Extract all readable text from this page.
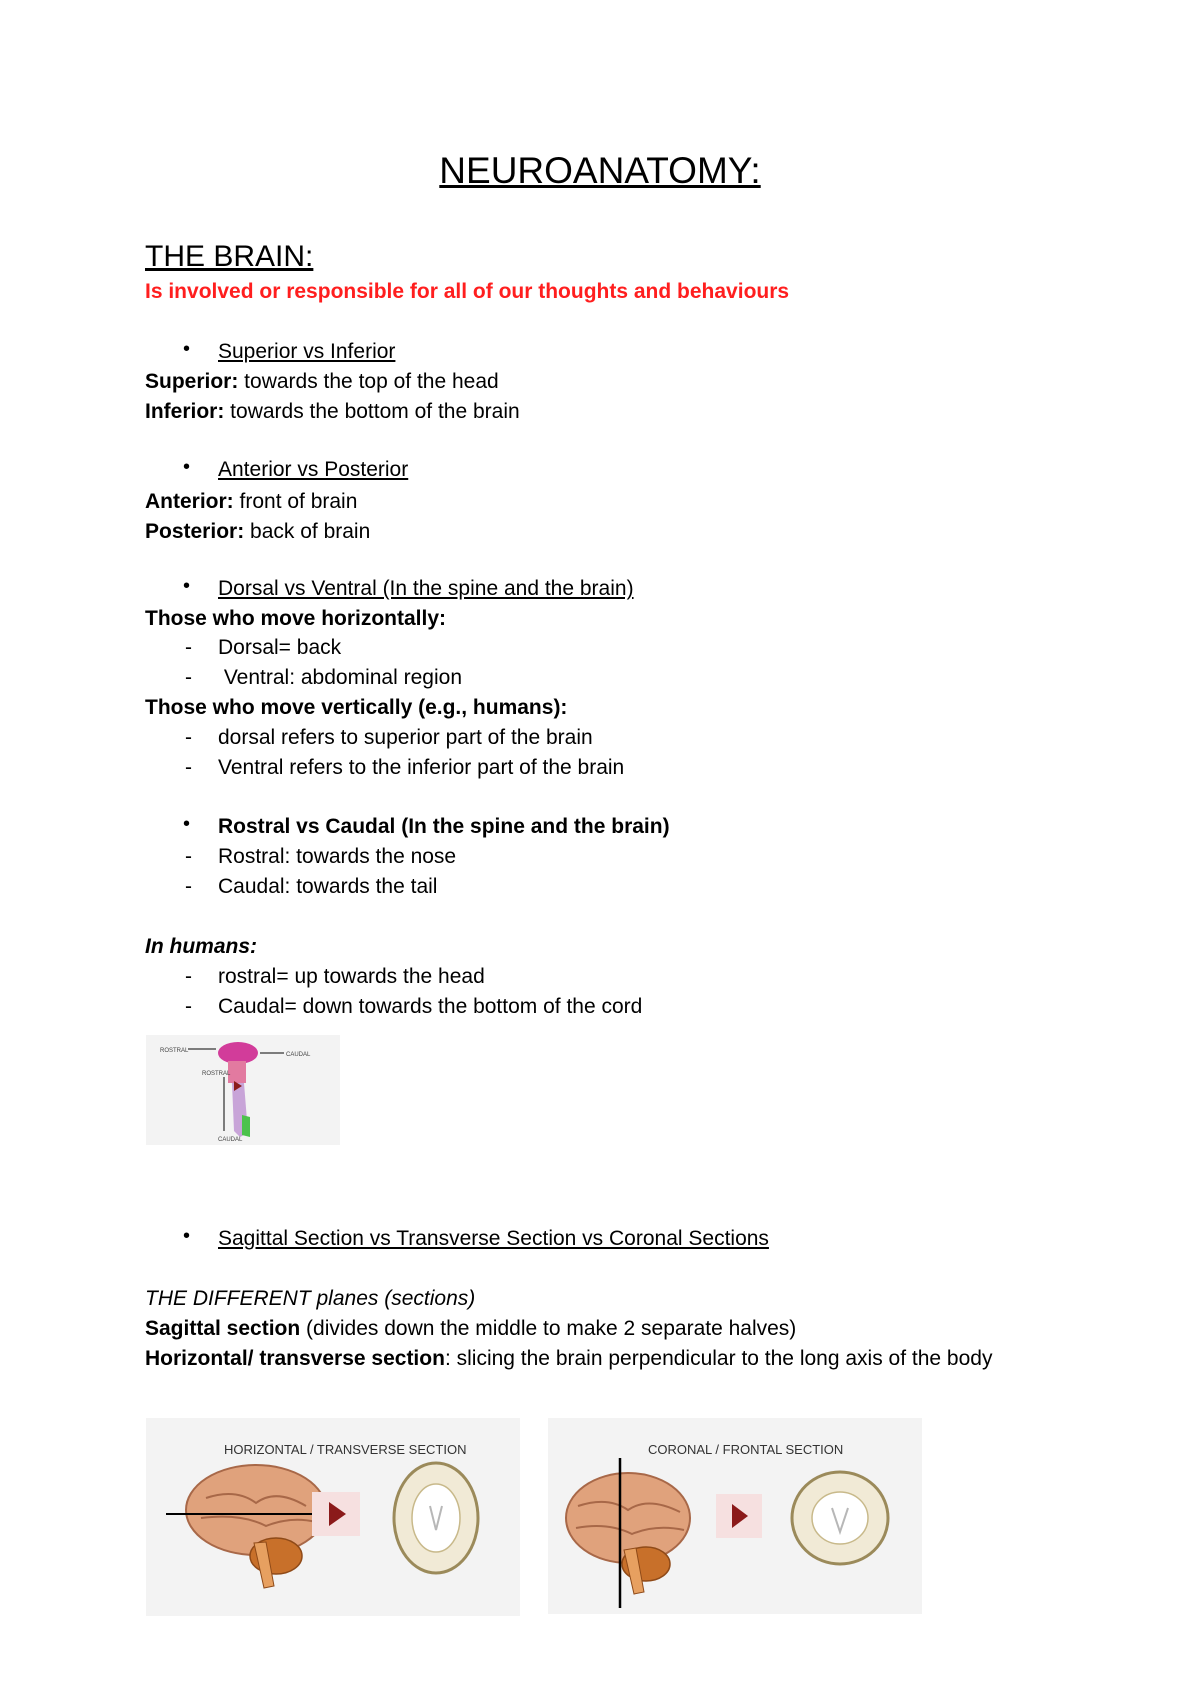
NEUROANATOMY:
THE BRAIN:
Is involved or responsible for all of our thoughts and behaviours
• Superior vs Inferior
Superior: towards the top of the head
Inferior: towards the bottom of the brain
• Anterior vs Posterior
Anterior: front of brain
Posterior: back of brain
• Dorsal vs Ventral (In the spine and the brain)
Those who move horizontally:
- Dorsal= back
- Ventral: abdominal region
Those who move vertically (e.g., humans):
- dorsal refers to superior part of the brain
- Ventral refers to the inferior part of the brain
• Rostral vs Caudal (In the spine and the brain)
- Rostral: towards the nose
- Caudal: towards the tail
In humans:
- rostral= up towards the head
- Caudal= down towards the bottom of the cord
ROSTRAL
CAUDAL
ROSTRAL
CAUDAL
• Sagittal Section vs Transverse Section vs Coronal Sections
THE DIFFERENT planes (sections)
Sagittal section (divides down the middle to make 2 separate halves)
Horizontal/ transverse section: slicing the brain perpendicular to the long axis of the body
HORIZONTAL / TRANSVERSE SECTION	CORONAL / FRONTAL SECTION
